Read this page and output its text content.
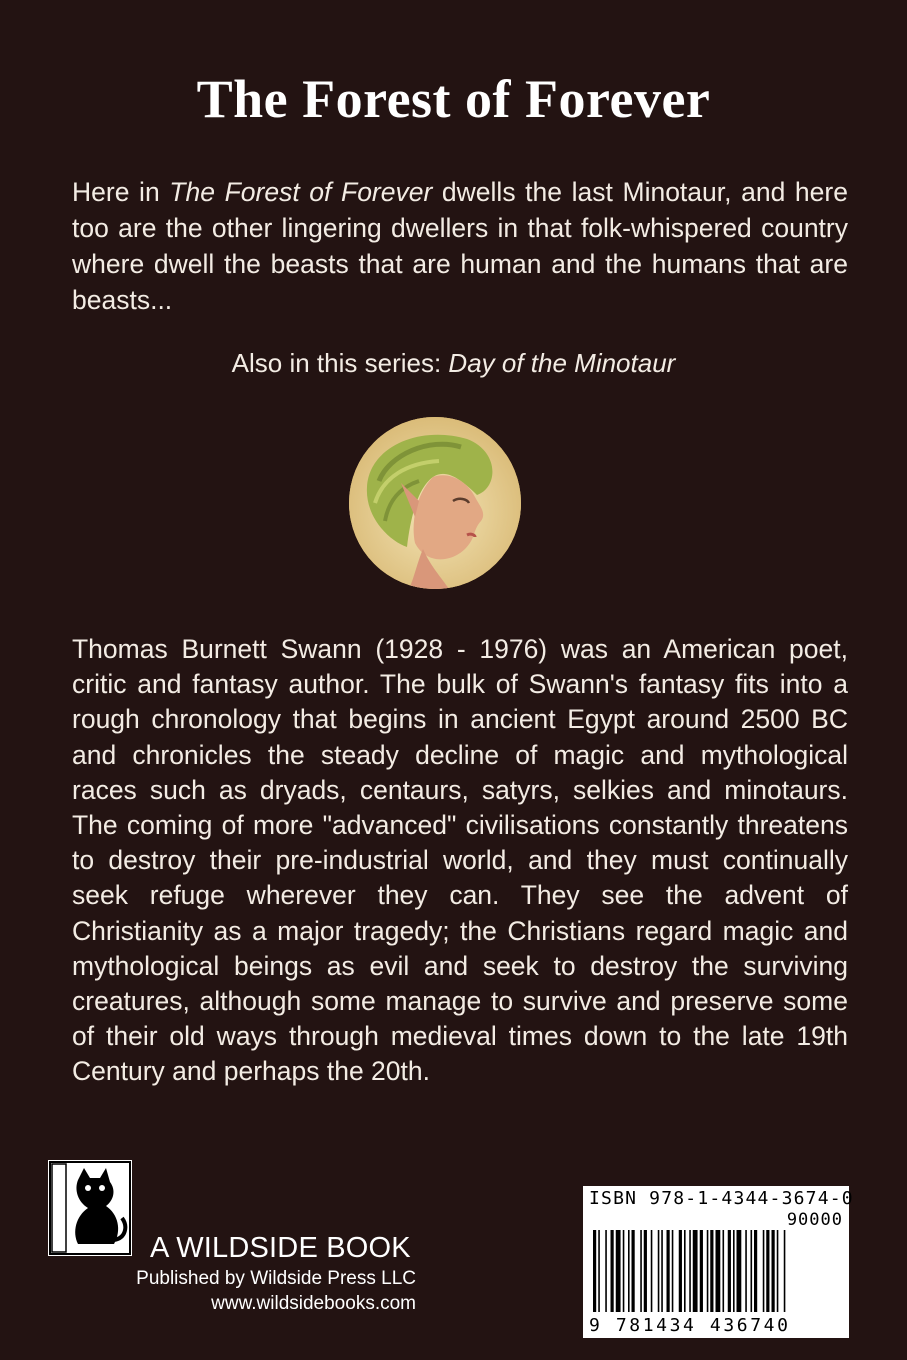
The Forest of Forever
Here in The Forest of Forever dwells the last Minotaur, and here too are the other lingering dwellers in that folk-whispered country where dwell the beasts that are human and the humans that are beasts...
Also in this series: Day of the Minotaur
Thomas Burnett Swann (1928 - 1976) was an American poet, critic and fantasy author. The bulk of Swann's fantasy fits into a rough chronology that begins in ancient Egypt around 2500 BC and chronicles the steady decline of magic and mythological races such as dryads, centaurs, satyrs, selkies and minotaurs. The coming of more "advanced" civilisations constantly threatens to destroy their pre-industrial world, and they must continually seek refuge wherever they can. They see the advent of Christianity as a major tragedy; the Christians regard magic and mythological beings as evil and seek to destroy the surviving creatures, although some manage to survive and preserve some of their old ways through medieval times down to the late 19th Century and perhaps the 20th.
A WILDSIDE BOOK
Published by Wildside Press LLC
www.wildsidebooks.com
ISBN 978-1-4344-3674-0
90000
9 781434 436740
